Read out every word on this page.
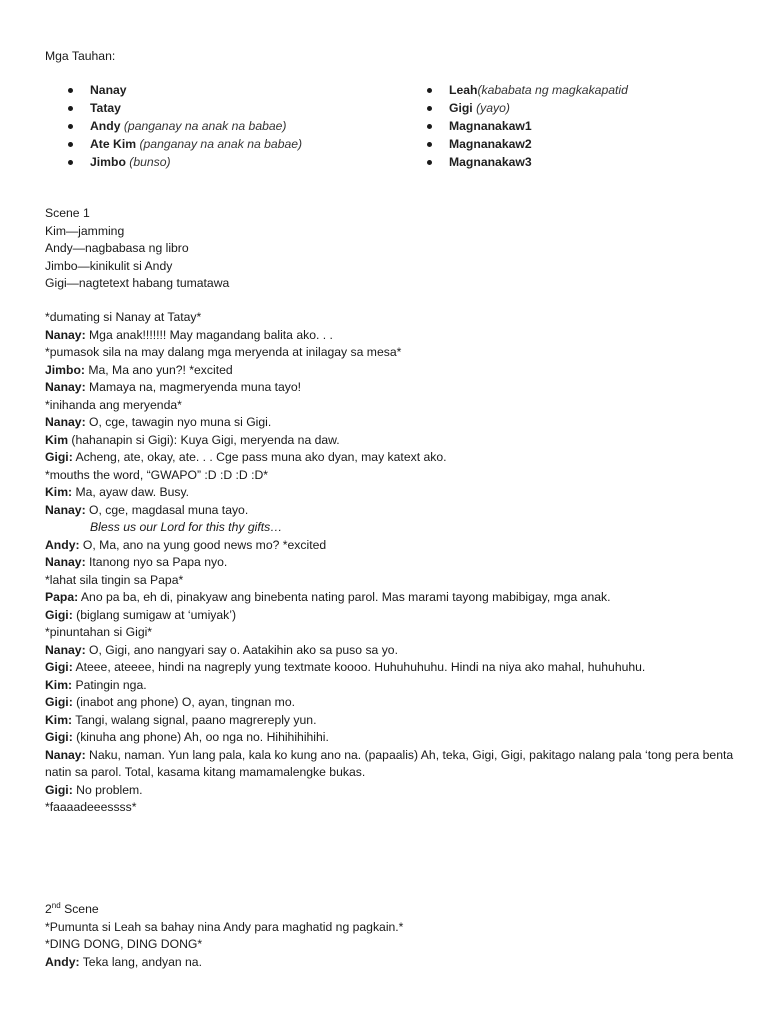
Mga Tauhan:
Nanay
Tatay
Andy (panganay na anak na babae)
Ate Kim (panganay na anak na babae)
Jimbo (bunso)
Leah(kababata ng magkakapatid
Gigi (yayo)
Magnanakaw1
Magnanakaw2
Magnanakaw3
Scene 1
Kim—jamming
Andy—nagbabasa ng libro
Jimbo—kinikulit si Andy
Gigi—nagtetext habang tumatawa
*dumating si Nanay at Tatay*
Nanay: Mga anak!!!!!!! May magandang balita ako. . .
*pumasok sila na may dalang mga meryenda at inilagay sa mesa*
Jimbo: Ma, Ma ano yun?! *excited
Nanay: Mamaya na, magmeryenda muna tayo!
*inihanda ang meryenda*
Nanay: O, cge, tawagin nyo muna si Gigi.
Kim (hahanapin si Gigi): Kuya Gigi, meryenda na daw.
Gigi: Acheng, ate, okay, ate. . . Cge pass muna ako dyan, may katext ako.
*mouths the word, “GWAPO” :D :D :D :D*
Kim: Ma, ayaw daw. Busy.
Nanay: O, cge, magdasal muna tayo.
Bless us our Lord for this thy gifts…
Andy: O, Ma, ano na yung good news mo? *excited
Nanay: Itanong nyo sa Papa nyo.
*lahat sila tingin sa Papa*
Papa: Ano pa ba, eh di, pinakyaw ang binebenta nating parol. Mas marami tayong mabibigay, mga anak.
Gigi: (biglang sumigaw at ‘umiyak’)
*pinuntahan si Gigi*
Nanay: O, Gigi, ano nangyari say o. Aatakihin ako sa puso sa yo.
Gigi: Ateee, ateeee, hindi na nagreply yung textmate koooo. Huhuhuhuhu. Hindi na niya ako mahal, huhuhuhu.
Kim: Patingin nga.
Gigi: (inabot ang phone) O, ayan, tingnan mo.
Kim: Tangi, walang signal, paano magrereply yun.
Gigi: (kinuha ang phone) Ah, oo nga no. Hihihihihihi.
Nanay: Naku, naman. Yun lang pala, kala ko kung ano na. (papaalis) Ah, teka, Gigi, Gigi, pakitago nalang pala ‘tong pera benta natin sa parol. Total, kasama kitang mamamalengke bukas.
Gigi: No problem.
*faaaadeeessss*
2nd Scene
*Pumunta si Leah sa bahay nina Andy para maghatid ng pagkain.*
*DING DONG, DING DONG*
Andy: Teka lang, andyan na.
